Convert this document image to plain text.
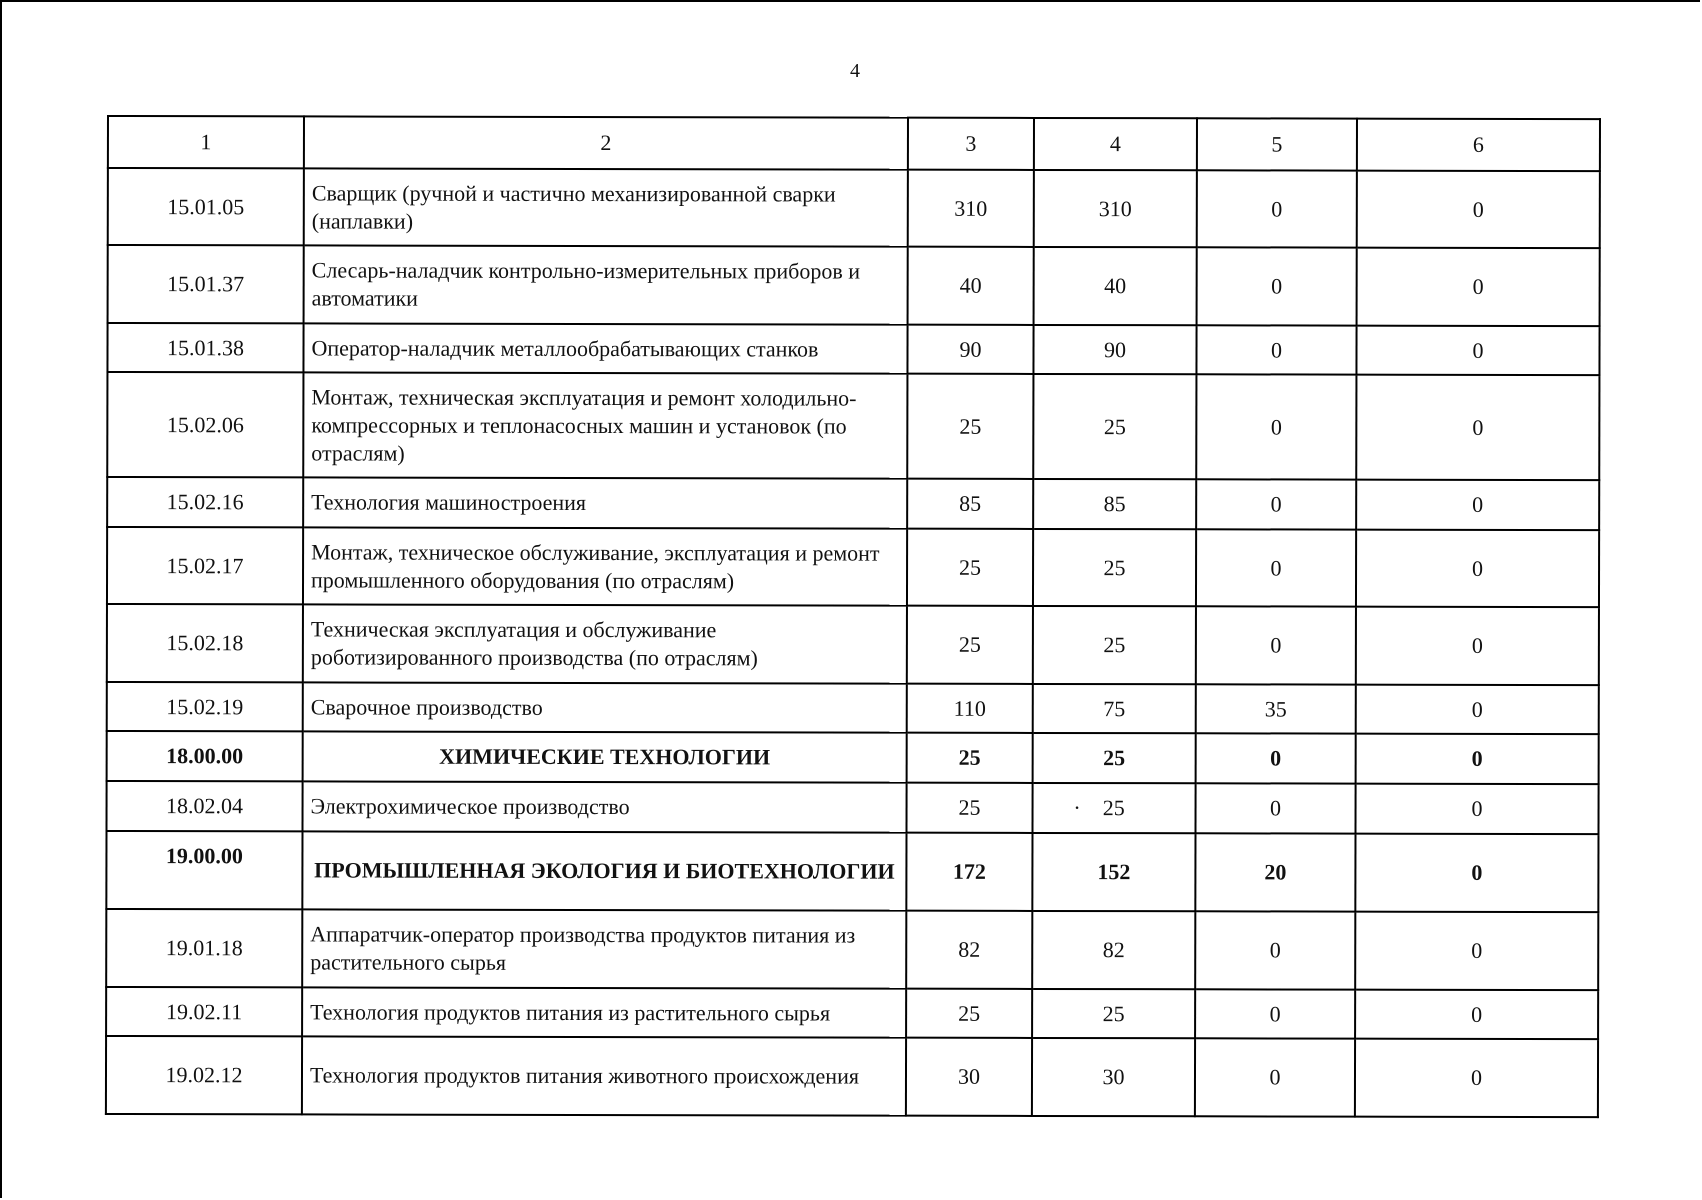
4
1	2	3	4	5	6
15.01.05	Сварщик (ручной и частично механизированной сварки (наплавки)	310	310	0	0
15.01.37	Слесарь-наладчик контрольно-измерительных приборов и автоматики	40	40	0	0
15.01.38	Оператор-наладчик металлообрабатывающих станков	90	90	0	0
15.02.06	Монтаж, техническая эксплуатация и ремонт холодильно-компрессорных и теплонасосных машин и установок (по отраслям)	25	25	0	0
15.02.16	Технология машиностроения	85	85	0	0
15.02.17	Монтаж, техническое обслуживание, эксплуатация и ремонт промышленного оборудования (по отраслям)	25	25	0	0
15.02.18	Техническая эксплуатация и обслуживание роботизированного производства (по отраслям)	25	25	0	0
15.02.19	Сварочное производство	110	75	35	0
18.00.00	ХИМИЧЕСКИЕ ТЕХНОЛОГИИ	25	25	0	0
18.02.04	Электрохимическое производство	25	· 25	0	0
19.00.00	ПРОМЫШЛЕННАЯ ЭКОЛОГИЯ И БИОТЕХНОЛОГИИ	172	152	20	0
19.01.18	Аппаратчик-оператор производства продуктов питания из растительного сырья	82	82	0	0
19.02.11	Технология продуктов питания из растительного сырья	25	25	0	0
19.02.12	Технология продуктов питания животного происхождения	30	30	0	0
